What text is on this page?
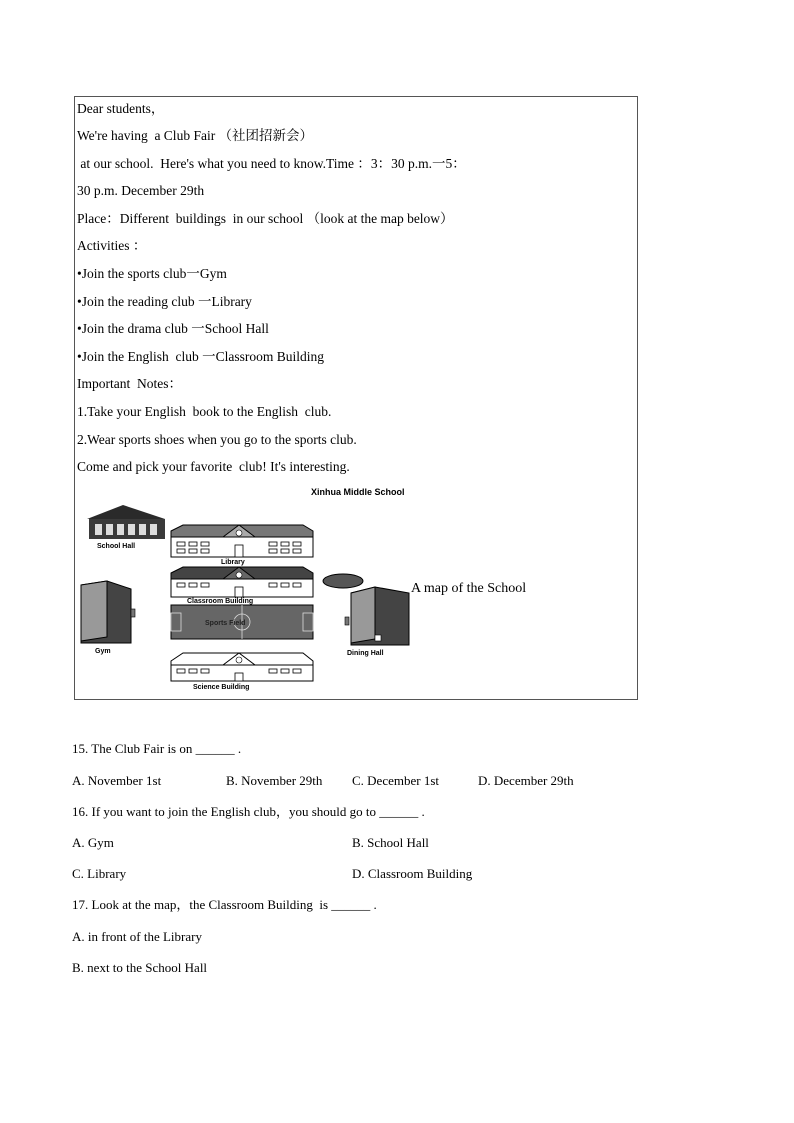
Dear students，
We're having  a Club Fair （社团招新会）
at our school.  Here's what you need to know.Time ：3：30 p.m.一5：
30 p.m. December 29th
Place：Different  buildings  in our school （look at the map below）
Activities ：
•Join the sports club一Gym
•Join the reading club 一Library
•Join the drama club 一School Hall
•Join the English  club 一Classroom Building
Important  Notes：
1.Take your English  book to the English  club.
2.Wear sports shoes when you go to the sports club.
Come and pick your favorite  club! It's interesting.
Xinhua Middle School
A map of the School
School Hall
Library
Classroom Building
Gym
Sports Field
Dining Hall
Science Building
15. The Club Fair is on ______ .
A. November 1st	B. November 29th C. December 1st	D. December 29th
16. If you want to join the English club，you should go to ______ .
A. Gym	B. School Hall
C. Library	D. Classroom Building
17. Look at the map，the Classroom Building  is ______ .
A. in front of the Library
B. next to the School Hall
